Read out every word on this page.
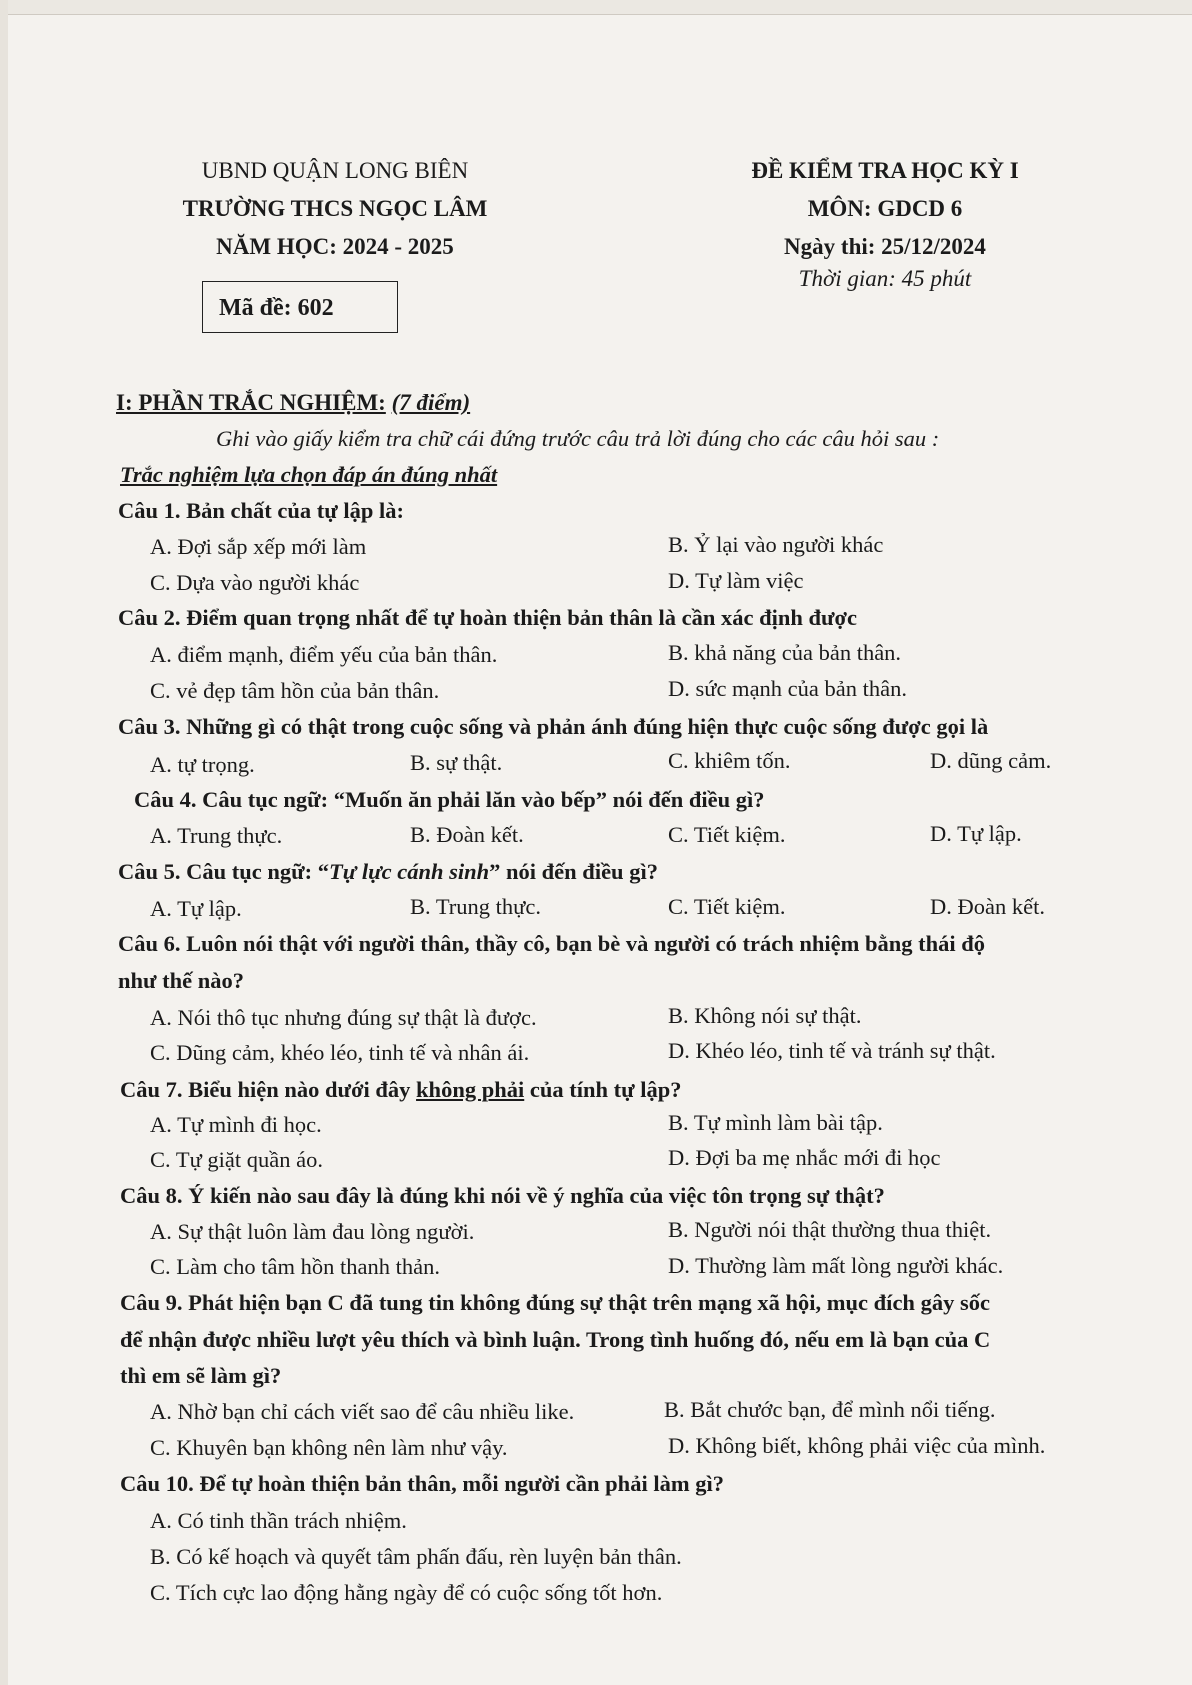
UBND QUẬN LONG BIÊN
TRƯỜNG THCS NGỌC LÂM
NĂM HỌC: 2024 - 2025
ĐỀ KIỂM TRA HỌC KỲ I
MÔN: GDCD 6
Ngày thi: 25/12/2024
Thời gian: 45 phút
Mã đề: 602
I: PHẦN TRẮC NGHIỆM: (7 điểm)
Ghi vào giấy kiểm tra chữ cái đứng trước câu trả lời đúng cho các câu hỏi sau :
Trắc nghiệm lựa chọn đáp án đúng nhất
Câu 1. Bản chất của tự lập là:
A. Đợi sắp xếp mới làm	B. Ỷ lại vào người khác
C. Dựa vào người khác	D. Tự làm việc
Câu 2. Điểm quan trọng nhất để tự hoàn thiện bản thân là cần xác định được
A. điểm mạnh, điểm yếu của bản thân.	B. khả năng của bản thân.
C. vẻ đẹp tâm hồn của bản thân.	D. sức mạnh của bản thân.
Câu 3. Những gì có thật trong cuộc sống và phản ánh đúng hiện thực cuộc sống được gọi là
A. tự trọng.	B. sự thật.	C. khiêm tốn.	D. dũng cảm.
Câu 4. Câu tục ngữ: “Muốn ăn phải lăn vào bếp” nói đến điều gì?
A. Trung thực.	B. Đoàn kết.	C. Tiết kiệm.	D. Tự lập.
Câu 5. Câu tục ngữ: “Tự lực cánh sinh” nói đến điều gì?
A. Tự lập.	B. Trung thực.	C. Tiết kiệm.	D. Đoàn kết.
Câu 6. Luôn nói thật với người thân, thầy cô, bạn bè và người có trách nhiệm bằng thái độ
như thế nào?
A. Nói thô tục nhưng đúng sự thật là được.	B. Không nói sự thật.
C. Dũng cảm, khéo léo, tinh tế và nhân ái.	D. Khéo léo, tinh tế và tránh sự thật.
Câu 7. Biểu hiện nào dưới đây không phải của tính tự lập?
A. Tự mình đi học.	B. Tự mình làm bài tập.
C. Tự giặt quần áo.	D. Đợi ba mẹ nhắc mới đi học
Câu 8. Ý kiến nào sau đây là đúng khi nói về ý nghĩa của việc tôn trọng sự thật?
A. Sự thật luôn làm đau lòng người.	B. Người nói thật thường thua thiệt.
C. Làm cho tâm hồn thanh thản.	D. Thường làm mất lòng người khác.
Câu 9. Phát hiện bạn C đã tung tin không đúng sự thật trên mạng xã hội, mục đích gây sốc
để nhận được nhiều lượt yêu thích và bình luận. Trong tình huống đó, nếu em là bạn của C
thì em sẽ làm gì?
A. Nhờ bạn chỉ cách viết sao để câu nhiều like.	B. Bắt chước bạn, để mình nổi tiếng.
C. Khuyên bạn không nên làm như vậy.	D. Không biết, không phải việc của mình.
Câu 10. Để tự hoàn thiện bản thân, mỗi người cần phải làm gì?
A. Có tinh thần trách nhiệm.
B. Có kế hoạch và quyết tâm phấn đấu, rèn luyện bản thân.
C. Tích cực lao động hằng ngày để có cuộc sống tốt hơn.
